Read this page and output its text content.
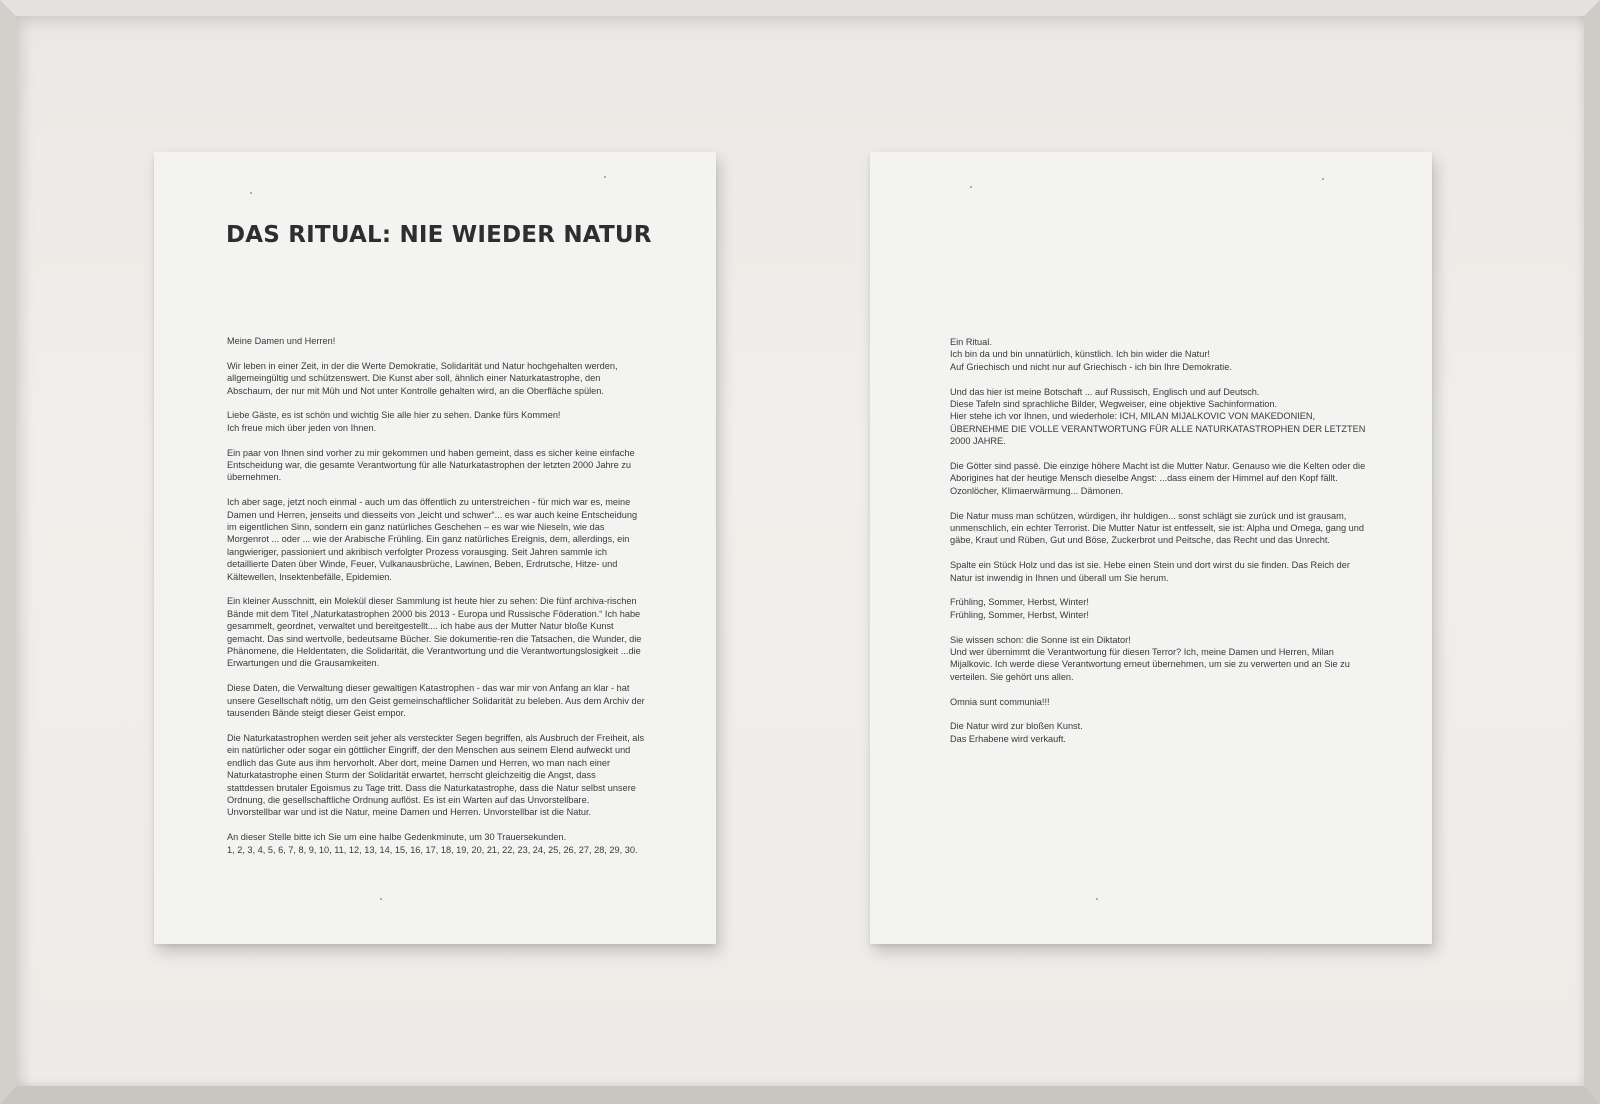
DAS RITUAL: NIE WIEDER NATUR

Meine Damen und Herren!

Wir leben in einer Zeit, in der die Werte Demokratie, Solidarität und Natur hochgehalten werden, allgemeingültig und schützenswert. Die Kunst aber soll, ähnlich einer Naturkatastrophe, den Abschaum, der nur mit Müh und Not unter Kontrolle gehalten wird, an die Oberfläche spülen.

Liebe Gäste, es ist schön und wichtig Sie alle hier zu sehen. Danke fürs Kommen!
Ich freue mich über jeden von Ihnen.

Ein paar von Ihnen sind vorher zu mir gekommen und haben gemeint, dass es sicher keine einfache Entscheidung war, die gesamte Verantwortung für alle Naturkatastrophen der letzten 2000 Jahre zu übernehmen.

Ich aber sage, jetzt noch einmal - auch um das öffentlich zu unterstreichen - für mich war es, meine Damen und Herren, jenseits und diesseits von „leicht und schwer“... es war auch keine Entscheidung im eigentlichen Sinn, sondern ein ganz natürliches Geschehen – es war wie Nieseln, wie das Morgenrot ... oder ... wie der Arabische Frühling. Ein ganz natürliches Ereignis, dem, allerdings, ein langwieriger, passioniert und akribisch verfolgter Prozess vorausging. Seit Jahren sammle ich detaillierte Daten über Winde, Feuer, Vulkanausbrüche, Lawinen, Beben, Erdrutsche, Hitze- und Kältewellen, Insektenbefälle, Epidemien.

Ein kleiner Ausschnitt, ein Molekül dieser Sammlung ist heute hier zu sehen: Die fünf archiva-rischen Bände mit dem Titel „Naturkatastrophen 2000 bis 2013 - Europa und Russische Föderation.“ Ich habe gesammelt, geordnet, verwaltet und bereitgestellt.... ich habe aus der Mutter Natur bloße Kunst gemacht. Das sind wertvolle, bedeutsame Bücher. Sie dokumentie-ren die Tatsachen, die Wunder, die Phänomene, die Heldentaten, die Solidarität, die Verantwortung und die Verantwortungslosigkeit ...die Erwartungen und die Grausamkeiten.

Diese Daten, die Verwaltung dieser gewaltigen Katastrophen - das war mir von Anfang an klar - hat unsere Gesellschaft nötig, um den Geist gemeinschaftlicher Solidarität zu beleben. Aus dem Archiv der tausenden Bände steigt dieser Geist empor.

Die Naturkatastrophen werden seit jeher als versteckter Segen begriffen, als Ausbruch der Freiheit, als ein natürlicher oder sogar ein göttlicher Eingriff, der den Menschen aus seinem Elend aufweckt und endlich das Gute aus ihm hervorholt. Aber dort, meine Damen und Herren, wo man nach einer Naturkatastrophe einen Sturm der Solidarität erwartet, herrscht gleichzeitig die Angst, dass stattdessen brutaler Egoismus zu Tage tritt. Dass die Naturkatastrophe, dass die Natur selbst unsere Ordnung, die gesellschaftliche Ordnung auflöst. Es ist ein Warten auf das Unvorstellbare.
Unvorstellbar war und ist die Natur, meine Damen und Herren. Unvorstellbar ist die Natur.

An dieser Stelle bitte ich Sie um eine halbe Gedenkminute, um 30 Trauersekunden.
1, 2, 3, 4, 5, 6, 7, 8, 9, 10, 11, 12, 13, 14, 15, 16, 17, 18, 19, 20, 21, 22, 23, 24, 25, 26, 27, 28, 29, 30.

Ein Ritual.
Ich bin da und bin unnatürlich, künstlich. Ich bin wider die Natur!
Auf Griechisch und nicht nur auf Griechisch - ich bin Ihre Demokratie.

Und das hier ist meine Botschaft ... auf Russisch, Englisch und auf Deutsch.
Diese Tafeln sind sprachliche Bilder, Wegweiser, eine objektive Sachinformation.
Hier stehe ich vor Ihnen, und wiederhole: ICH, MILAN MIJALKOVIC VON MAKEDONIEN, ÜBERNEHME DIE VOLLE VERANTWORTUNG FÜR ALLE NATURKATASTROPHEN DER LETZTEN 2000 JAHRE.

Die Götter sind passè. Die einzige höhere Macht ist die Mutter Natur. Genauso wie die Kelten oder die Aborigines hat der heutige Mensch dieselbe Angst: ...dass einem der Himmel auf den Kopf fällt.
Ozonlöcher, Klimaerwärmung... Dämonen.

Die Natur muss man schützen, würdigen, ihr huldigen... sonst schlägt sie zurück und ist grausam, unmenschlich, ein echter Terrorist. Die Mutter Natur ist entfesselt, sie ist: Alpha und Omega, gang und gäbe, Kraut und Rüben, Gut und Böse, Zuckerbrot und Peitsche, das Recht und das Unrecht.

Spalte ein Stück Holz und das ist sie. Hebe einen Stein und dort wirst du sie finden. Das Reich der Natur ist inwendig in Ihnen und überall um Sie herum.

Frühling, Sommer, Herbst, Winter!
Frühling, Sommer, Herbst, Winter!

Sie wissen schon: die Sonne ist ein Diktator!
Und wer übernimmt die Verantwortung für diesen Terror? Ich, meine Damen und Herren, Milan Mijalkovic. Ich werde diese Verantwortung erneut übernehmen, um sie zu verwerten und an Sie zu verteilen. Sie gehört uns allen.

Omnia sunt communia!!!

Die Natur wird zur bloßen Kunst.
Das Erhabene wird verkauft.
